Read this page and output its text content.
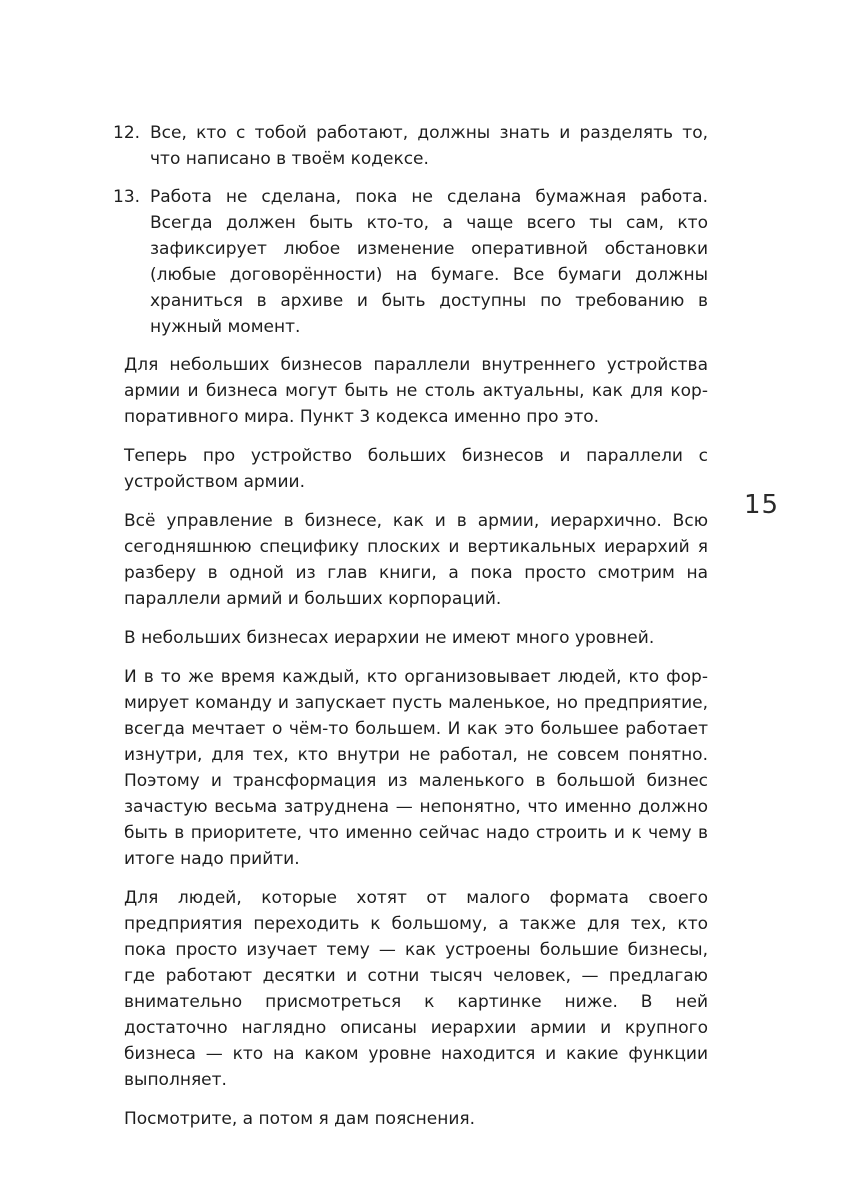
12. Все, кто с тобой работают, должны знать и разделять то, что написано в твоём кодексе.
13. Работа не сделана, пока не сделана бумажная работа. Всегда должен быть кто-то, а чаще всего ты сам, кто зафиксирует любое изменение оперативной обстановки (любые договорённости) на бумаге. Все бумаги должны храниться в архиве и быть доступны по требованию в нужный момент.

Для небольших бизнесов параллели внутреннего устройства армии и бизнеса могут быть не столь актуальны, как для корпоративного мира. Пункт 3 кодекса именно про это.

Теперь про устройство больших бизнесов и параллели с устройством армии.

Всё управление в бизнесе, как и в армии, иерархично. Всю сегодняшнюю специфику плоских и вертикальных иерархий я разберу в одной из глав книги, а пока просто смотрим на параллели армий и больших корпораций.

В небольших бизнесах иерархии не имеют много уровней.

И в то же время каждый, кто организовывает людей, кто формирует команду и запускает пусть маленькое, но предприятие, всегда мечтает о чём-то большем. И как это большее работает изнутри, для тех, кто внутри не работал, не совсем понятно. Поэтому и трансформация из маленького в большой бизнес зачастую весьма затруднена — непонятно, что именно должно быть в приоритете, что именно сейчас надо строить и к чему в итоге надо прийти.

Для людей, которые хотят от малого формата своего предприятия переходить к большому, а также для тех, кто пока просто изучает тему — как устроены большие бизнесы, где работают десятки и сотни тысяч человек, — предлагаю внимательно присмотреться к картинке ниже. В ней достаточно наглядно описаны иерархии армии и крупного бизнеса — кто на каком уровне находится и какие функции выполняет.

Посмотрите, а потом я дам пояснения.

15
